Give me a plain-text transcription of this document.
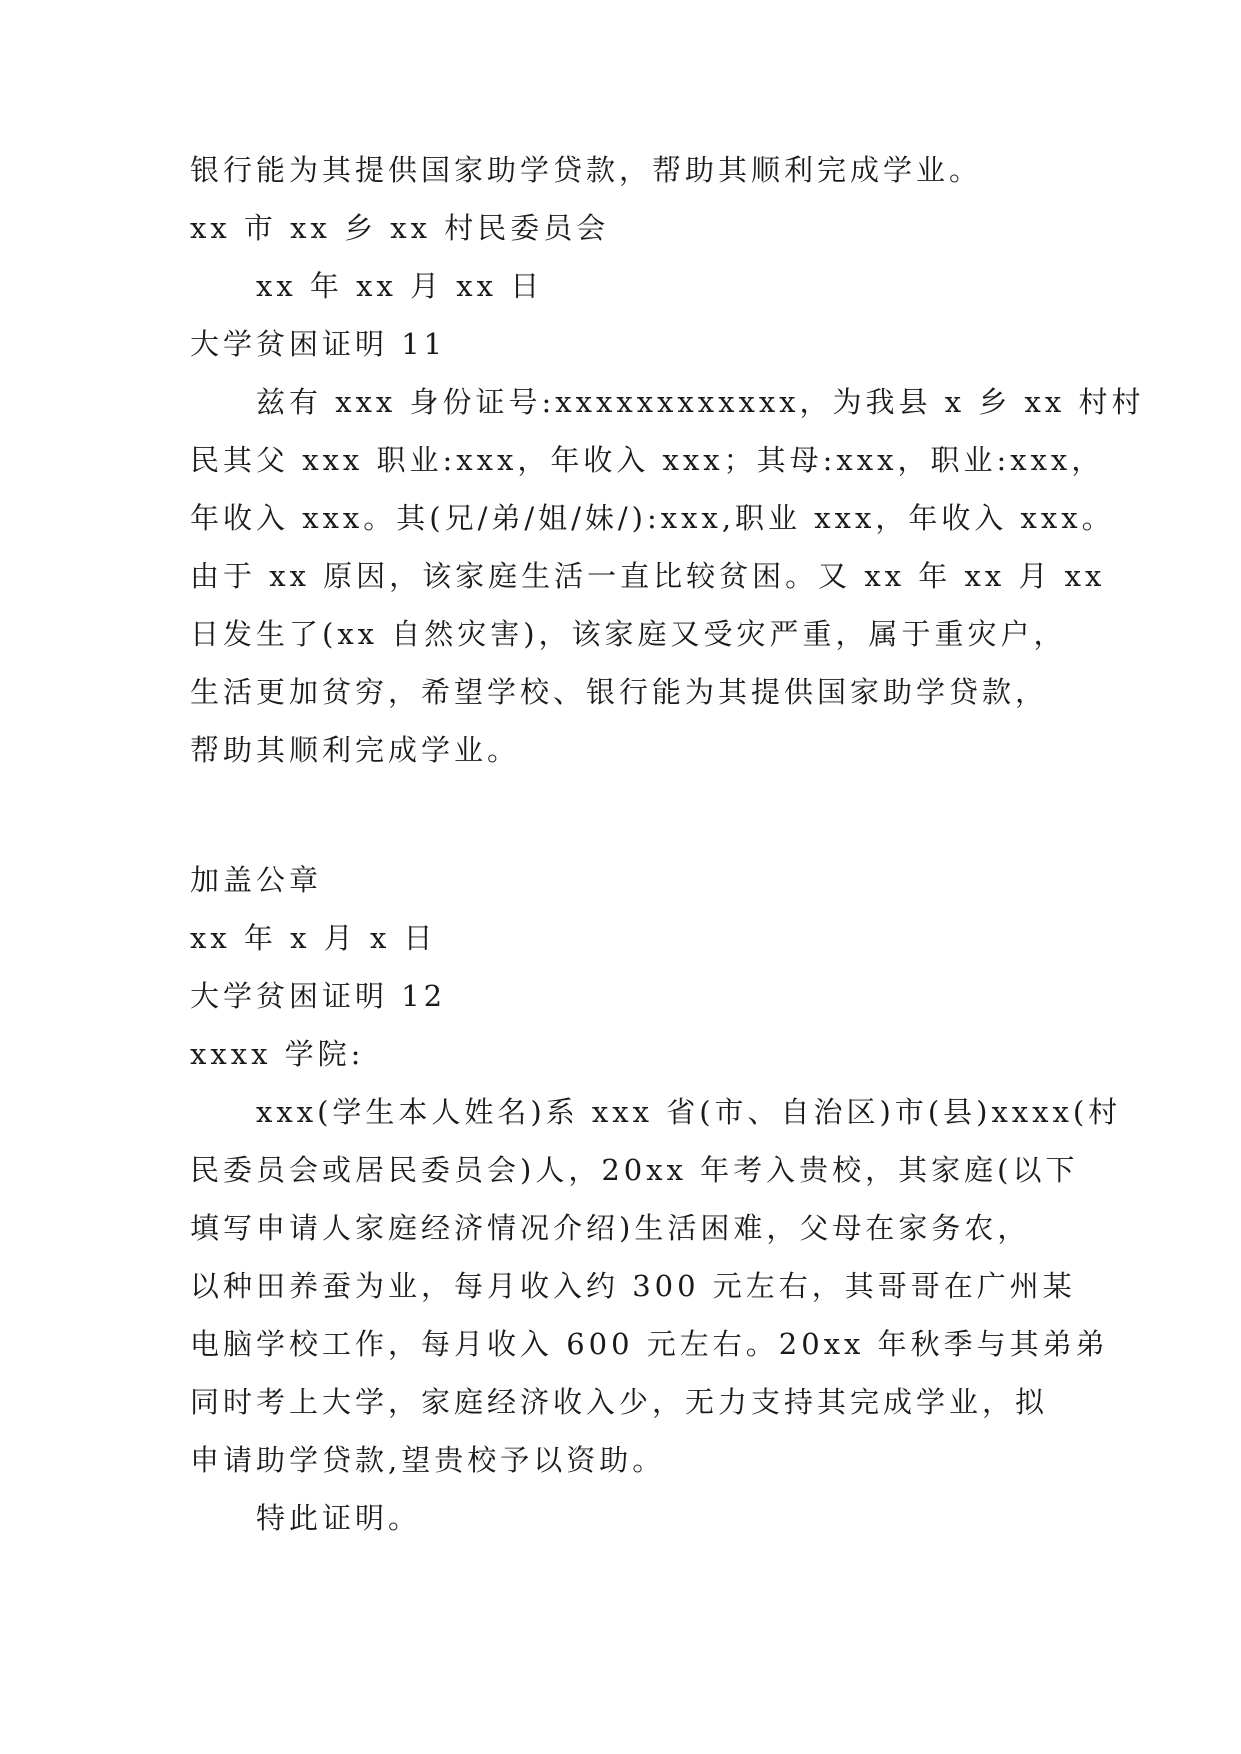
银行能为其提供国家助学贷款，帮助其顺利完成学业。
xx 市 xx 乡 xx 村民委员会
xx 年 xx 月 xx 日
大学贫困证明 11
兹有 xxx 身份证号:xxxxxxxxxxxx，为我县 x 乡 xx 村村
民其父 xxx 职业:xxx，年收入 xxx；其母:xxx，职业:xxx，
年收入 xxx。其(兄/弟/姐/妹/):xxx,职业 xxx，年收入 xxx。
由于 xx 原因，该家庭生活一直比较贫困。又 xx 年 xx 月 xx
日发生了(xx 自然灾害)，该家庭又受灾严重，属于重灾户，
生活更加贫穷，希望学校、银行能为其提供国家助学贷款，
帮助其顺利完成学业。
加盖公章
xx 年 x 月 x 日
大学贫困证明 12
xxxx 学院:
xxx(学生本人姓名)系 xxx 省(市、自治区)市(县)xxxx(村
民委员会或居民委员会)人，20xx 年考入贵校，其家庭(以下
填写申请人家庭经济情况介绍)生活困难，父母在家务农，
以种田养蚕为业，每月收入约 300 元左右，其哥哥在广州某
电脑学校工作，每月收入 600 元左右。20xx 年秋季与其弟弟
同时考上大学，家庭经济收入少，无力支持其完成学业，拟
申请助学贷款,望贵校予以资助。
特此证明。
